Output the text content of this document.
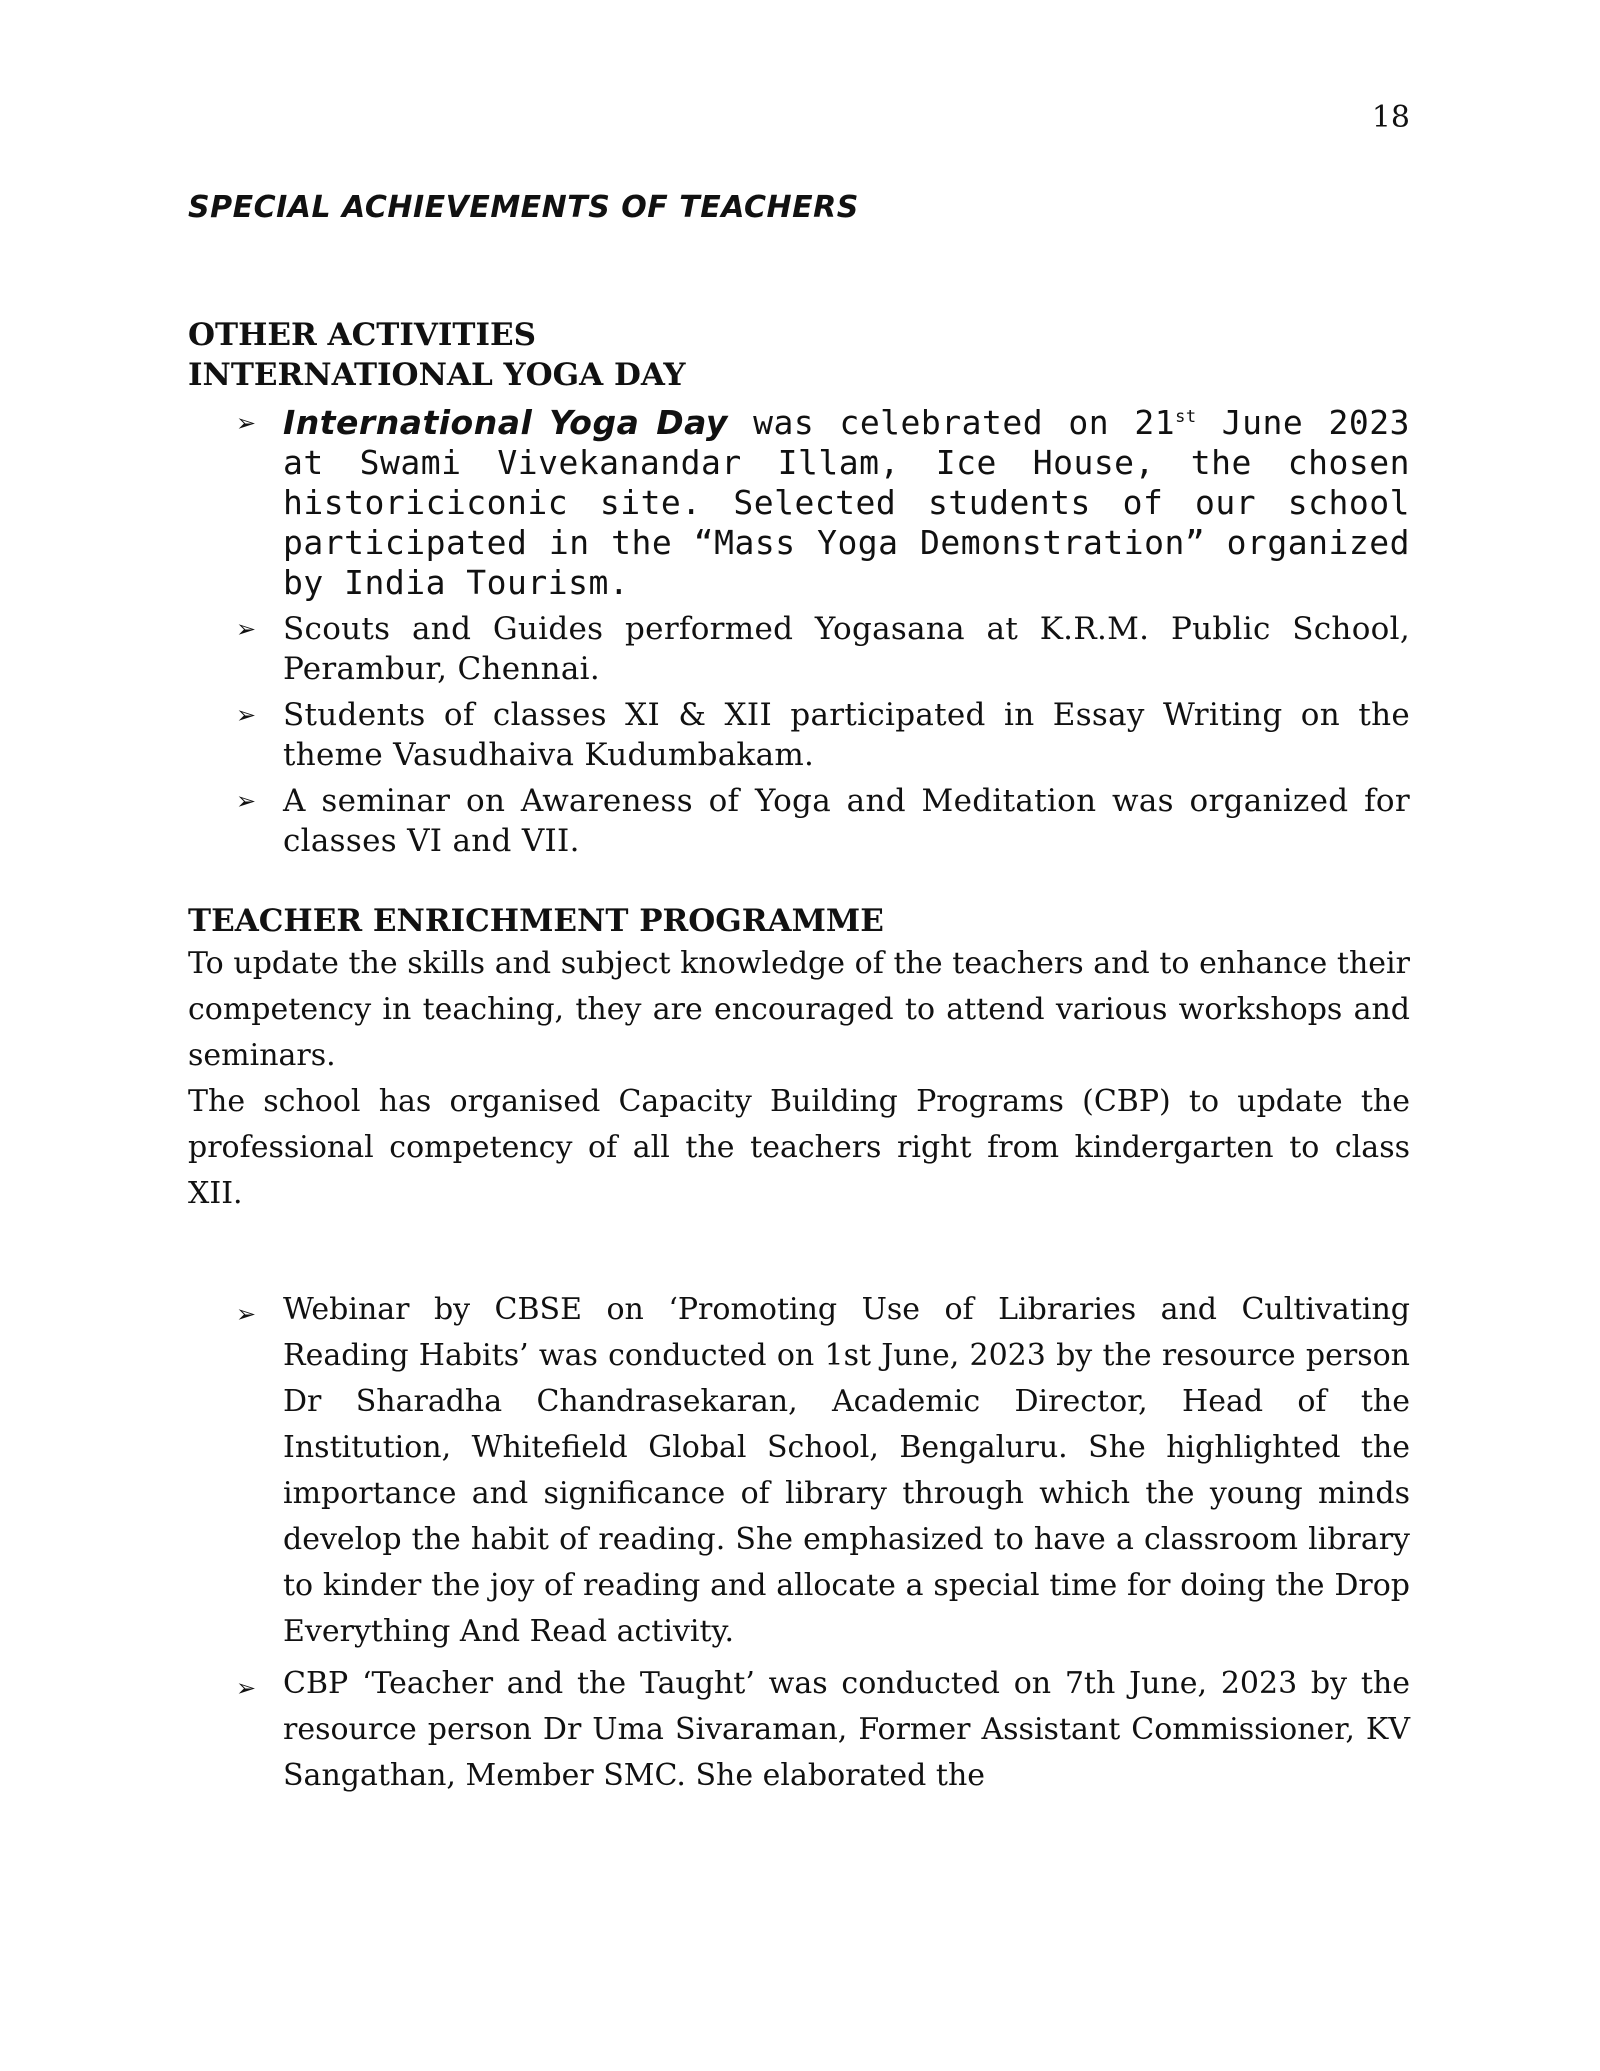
18
SPECIAL ACHIEVEMENTS OF TEACHERS
OTHER ACTIVITIES
INTERNATIONAL YOGA DAY
➢ International Yoga Day was celebrated on 21st June 2023 at Swami Vivekanandar Illam, Ice House, the chosen historiciconic site. Selected students of our school participated in the “Mass Yoga Demonstration” organized by India Tourism.
➢ Scouts and Guides performed Yogasana at K.R.M. Public School, Perambur, Chennai.
➢ Students of classes XI & XII participated in Essay Writing on the theme Vasudhaiva Kudumbakam.
➢ A seminar on Awareness of Yoga and Meditation was organized for classes VI and VII.
TEACHER ENRICHMENT PROGRAMME

To update the skills and subject knowledge of the teachers and to enhance their competency in teaching, they are encouraged to attend various workshops and seminars.

The school has organised Capacity Building Programs (CBP) to update the professional competency of all the teachers right from kindergarten to class XII.

➢ Webinar by CBSE on ‘Promoting Use of Libraries and Cultivating Reading Habits’ was conducted on 1st June, 2023 by the resource person Dr Sharadha Chandrasekaran, Academic Director, Head of the Institution, Whitefield Global School, Bengaluru. She highlighted the importance and significance of library through which the young minds develop the habit of reading. She emphasized to have a classroom library to kinder the joy of reading and allocate a special time for doing the Drop Everything And Read activity.
➢ CBP ‘Teacher and the Taught’ was conducted on 7th June, 2023 by the resource person Dr Uma Sivaraman, Former Assistant Commissioner, KV Sangathan, Member SMC. She elaborated the
